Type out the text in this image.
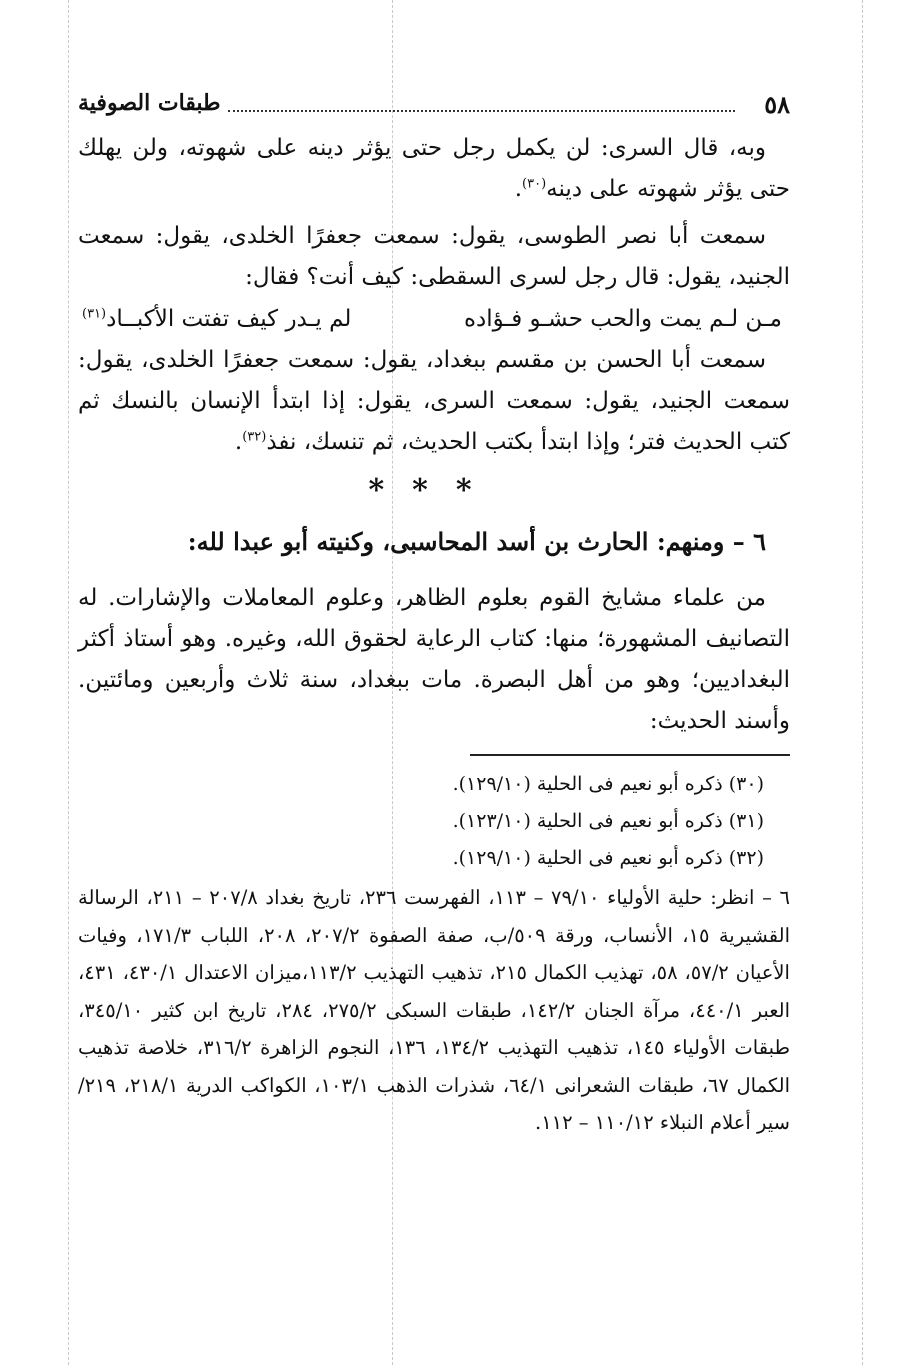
٥٨
طبقات الصوفية

وبه، قال السرى: لن يكمل رجل حتى يؤثر دينه على شهوته، ولن يهلك حتى يؤثر شهوته على دينه$^{(٣٠)}$.

سمعت أبا نصر الطوسى، يقول: سمعت جعفرًا الخلدى، يقول: سمعت الجنيد، يقول: قال رجل لسرى السقطى: كيف أنت؟ فقال:

مـن لـم يمت والحب حشـو فـؤاده
لم يـدر كيف تفتت الأكبــاد$^{(٣١)}$

سمعت أبا الحسن بن مقسم ببغداد، يقول: سمعت جعفرًا الخلدى، يقول: سمعت الجنيد، يقول: سمعت السرى، يقول: إذا ابتدأ الإنسان بالنسك ثم كتب الحديث فتر؛ وإذا ابتدأ بكتب الحديث، ثم تنسك، نفذ$^{(٣٢)}$.

***
٦ – ومنهم: الحارث بن أسد المحاسبى، وكنيته أبو عبدا لله:

من علماء مشايخ القوم بعلوم الظاهر، وعلوم المعاملات والإشارات. له التصانيف المشهورة؛ منها: كتاب الرعاية لحقوق الله، وغيره. وهو أستاذ أكثر البغداديين؛ وهو من أهل البصرة. مات ببغداد، سنة ثلاث وأربعين ومائتين. وأسند الحديث:

(٣٠) ذكره أبو نعيم فى الحلية (١٢٩/١٠).

(٣١) ذكره أبو نعيم فى الحلية (١٢٣/١٠).

(٣٢) ذكره أبو نعيم فى الحلية (١٢٩/١٠).

٦ – انظر: حلية الأولياء ٧٩/١٠ – ١١٣، الفهرست ٢٣٦، تاريخ بغداد ٢٠٧/٨ – ٢١١، الرسالة القشيرية ١٥، الأنساب، ورقة ٥٠٩/ب، صفة الصفوة ٢٠٧/٢، ٢٠٨، اللباب ١٧١/٣، وفيات الأعيان ٥٧/٢، ٥٨، تهذيب الكمال ٢١٥، تذهيب التهذيب ١١٣/٢،ميزان الاعتدال ٤٣٠/١، ٤٣١، العبر ٤٤٠/١، مرآة الجنان ١٤٢/٢، طبقات السبكى ٢٧٥/٢، ٢٨٤، تاريخ ابن كثير ٣٤٥/١٠، طبقات الأولياء ١٤٥، تذهيب التهذيب ١٣٤/٢، ١٣٦، النجوم الزاهرة ٣١٦/٢، خلاصة تذهيب الكمال ٦٧، طبقات الشعرانى ٦٤/١، شذرات الذهب ١٠٣/١، الكواكب الدرية ٢١٨/١، ٢١٩/ سير أعلام النبلاء ١١٠/١٢ – ١١٢.
